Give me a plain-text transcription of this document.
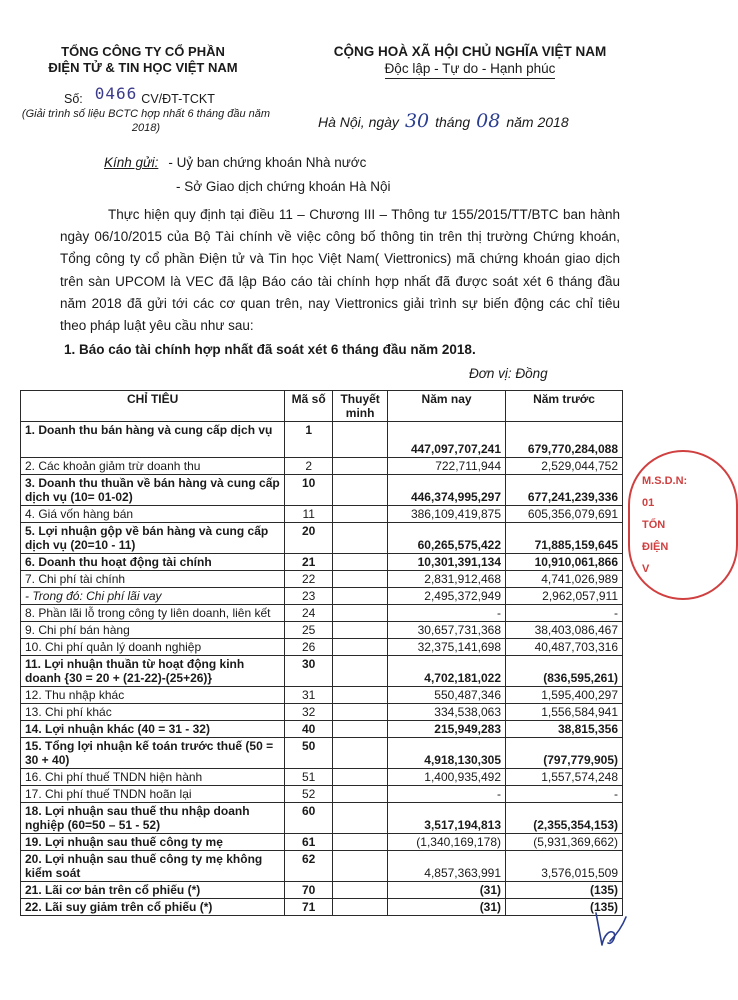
TỔNG CÔNG TY CỔ PHẦN
ĐIỆN TỬ & TIN HỌC VIỆT NAM
CỘNG HOÀ XÃ HỘI CHỦ NGHĨA VIỆT NAM
Độc lập - Tự do - Hạnh phúc
Số: 0466 CV/ĐT-TCKT
(Giải trình số liệu BCTC hợp nhất 6 tháng đầu năm 2018)	Hà Nội, ngày 30 tháng 08 năm 2018
Kính gửi: - Uỷ ban chứng khoán Nhà nước
- Sở Giao dịch chứng khoán Hà Nội
Thực hiện quy định tại điều 11 – Chương III – Thông tư 155/2015/TT/BTC ban hành ngày 06/10/2015 của Bộ Tài chính về việc công bố thông tin trên thị trường Chứng khoán, Tổng công ty cổ phần Điện tử và Tin học Việt Nam( Viettronics) mã chứng khoán giao dịch trên sàn UPCOM là VEC đã lập Báo cáo tài chính hợp nhất đã được soát xét 6 tháng đầu năm 2018 đã gửi tới các cơ quan trên, nay Viettronics giải trình sự biến động các chỉ tiêu theo pháp luật yêu cầu như sau:
1. Báo cáo tài chính hợp nhất đã soát xét 6 tháng đầu năm 2018.
Đơn vị: Đồng
CHỈ TIÊU	Mã số	Thuyết minh	Năm nay	Năm trước
1. Doanh thu bán hàng và cung cấp dịch vụ	1		447,097,707,241	679,770,284,088
2. Các khoản giảm trừ doanh thu	2		722,711,944	2,529,044,752
3. Doanh thu thuần về bán hàng và cung cấp dịch vụ (10= 01-02)	10		446,374,995,297	677,241,239,336
4. Giá vốn hàng bán	11		386,109,419,875	605,356,079,691
5. Lợi nhuận gộp về bán hàng và cung cấp dịch vụ (20=10 - 11)	20		60,265,575,422	71,885,159,645
6. Doanh thu hoạt động tài chính	21		10,301,391,134	10,910,061,866
7. Chi phí tài chính	22		2,831,912,468	4,741,026,989
- Trong đó: Chi phí lãi vay	23		2,495,372,949	2,962,057,911
8. Phần lãi lỗ trong công ty liên doanh, liên kết	24		-	-
9. Chi phí bán hàng	25		30,657,731,368	38,403,086,467
10. Chi phí quản lý doanh nghiệp	26		32,375,141,698	40,487,703,316
11. Lợi nhuận thuần từ hoạt động kinh doanh {30 = 20 + (21-22)-(25+26)}	30		4,702,181,022	(836,595,261)
12. Thu nhập khác	31		550,487,346	1,595,400,297
13. Chi phí khác	32		334,538,063	1,556,584,941
14. Lợi nhuận khác (40 = 31 - 32)	40		215,949,283	38,815,356
15. Tổng lợi nhuận kế toán trước thuế (50 = 30 + 40)	50		4,918,130,305	(797,779,905)
16. Chi phí thuế TNDN hiện hành	51		1,400,935,492	1,557,574,248
17. Chi phí thuế TNDN hoãn lại	52		-	-
18. Lợi nhuận sau thuế thu nhập doanh nghiệp (60=50 – 51 - 52)	60		3,517,194,813	(2,355,354,153)
19. Lợi nhuận sau thuế công ty mẹ	61		(1,340,169,178)	(5,931,369,662)
20. Lợi nhuận sau thuế công ty mẹ không kiểm soát	62		4,857,363,991	3,576,015,509
21. Lãi cơ bản trên cổ phiếu (*)	70		(31)	(135)
22. Lãi suy giảm trên cổ phiếu (*)	71		(31)	(135)
M.S.D.N: 01
TỔN
ĐIỆN
V
